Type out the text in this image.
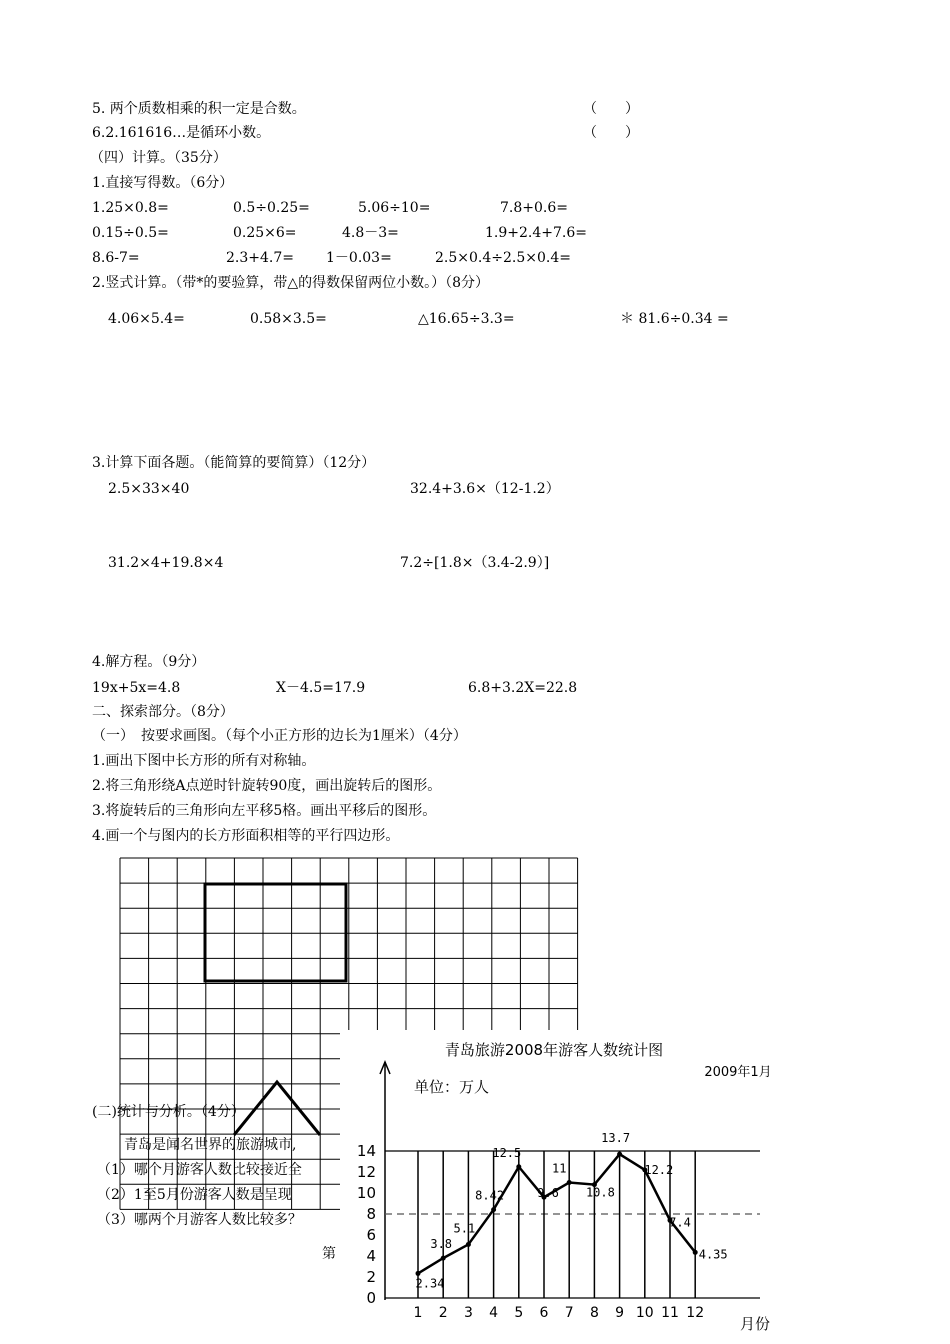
5. 两个质数相乘的积一定是合数。	（　　）
6.2.161616…是循环小数。	（　　）
（四）计算。（35分）
1.直接写得数。（6分）
1.25×0.8=	0.5÷0.25=	5.06÷10=	7.8+0.6=
0.15÷0.5=	0.25×6=	4.8－3=	1.9+2.4+7.6=
8.6-7=	2.3+4.7= 1－0.03=	2.5×0.4÷2.5×0.4=
2.竖式计算。（带*的要验算，带△的得数保留两位小数。）（8分）
4.06×5.4=	0.58×3.5=	△16.65÷3.3=	＊ 81.6÷0.34 =
3.计算下面各题。（能简算的要简算）（12分）
2.5×33×40	32.4+3.6×（12-1.2）
31.2×4+19.8×4	7.2÷[1.8×（3.4-2.9）]
4.解方程。（9分）
19x+5x=4.8	X－4.5=17.9	6.8+3.2X=22.8
二、探索部分。（8分）
（一）　按要求画图。（每个小正方形的边长为1厘米）（4分）
1.画出下图中长方形的所有对称轴。
2.将三角形绕A点逆时针旋转90度，画出旋转后的图形。
3.将旋转后的三角形向左平移5格。画出平移后的图形。
4.画一个与图内的长方形面积相等的平行四边形。
(二)统计与分析。（4分）
青岛是闻名世界的旅游城市,
（1）哪个月游客人数比较接近全
（2）1至5月份游客人数是呈现
（3）哪两个月游客人数比较多？
第
青岛旅游2008年游客人数统计图
2009年1月
单位：万人
月份
0
2
4
6
8
10
12
14
1 2 3 4 5 6 7 8 9 10 11 12
2.34
3.8
5.1
8.42
12.5
9.6
11
10.8
13.7
12.2
7.4
4.35
